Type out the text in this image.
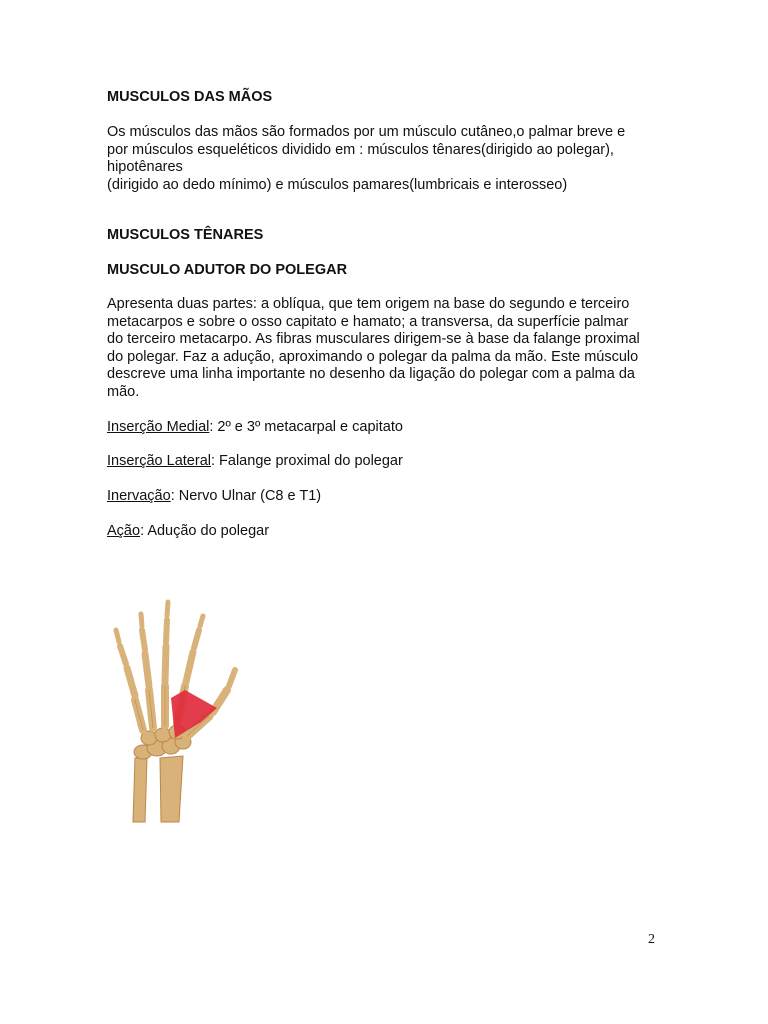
MUSCULOS DAS MÃOS
Os músculos das mãos são formados por um músculo cutâneo,o palmar breve e
por músculos esqueléticos dividido em : músculos tênares(dirigido ao polegar),
hipotênares
(dirigido ao dedo mínimo) e músculos pamares(lumbricais e interosseo)
MUSCULOS TÊNARES
MUSCULO ADUTOR DO POLEGAR
Apresenta duas partes: a oblíqua, que tem origem na base do segundo e terceiro
metacarpos e sobre o osso capitato e hamato; a transversa, da superfície palmar
do terceiro metacarpo. As fibras musculares dirigem-se à base da falange proximal
do polegar. Faz a adução, aproximando o polegar da palma da mão. Este músculo
descreve uma linha importante no desenho da ligação do polegar com a palma da
mão.
Inserção Medial: 2º e 3º metacarpal e capitato
Inserção Lateral: Falange proximal do polegar
Inervação: Nervo Ulnar (C8 e T1)
Ação: Adução do polegar
2
